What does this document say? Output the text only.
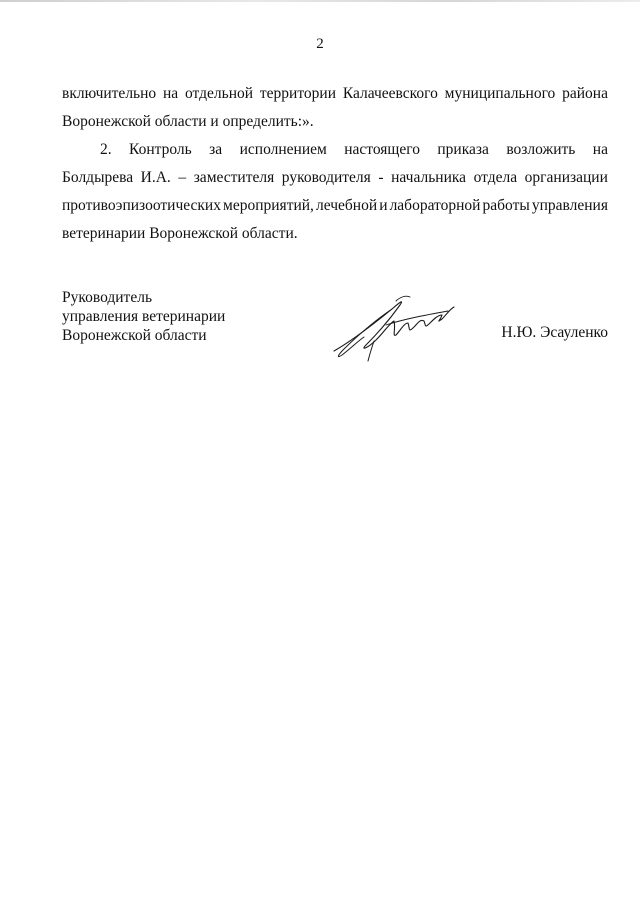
2
включительно на отдельной территории Калачеевского муниципального района
Воронежской области и определить:».
2. Контроль за исполнением настоящего приказа возложить на
Болдырева И.А. – заместителя руководителя - начальника отдела организации
противоэпизоотических мероприятий, лечебной и лабораторной работы управления
ветеринарии Воронежской области.
Руководитель
управления ветеринарии
Воронежской области	Н.Ю. Эсауленко
